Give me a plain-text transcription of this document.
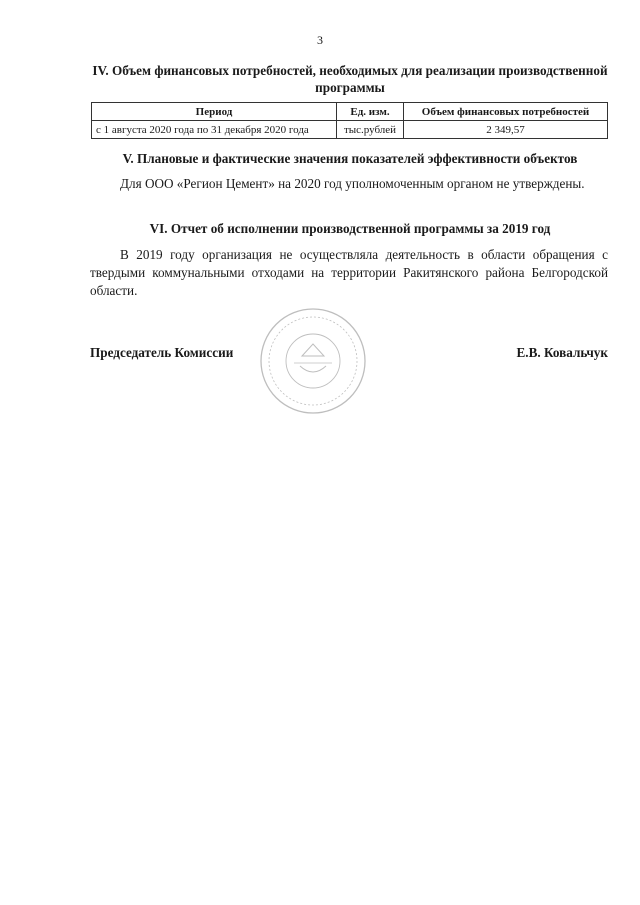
3
IV. Объем финансовых потребностей, необходимых для реализации производственной программы
Период	Ед. изм.	Объем финансовых потребностей
с 1 августа 2020 года по 31 декабря 2020 года	тыс.рублей	2 349,57
V. Плановые и фактические значения показателей эффективности объектов
Для ООО «Регион Цемент» на 2020 год уполномоченным органом не утверждены.
VI. Отчет об исполнении производственной программы за 2019 год
В 2019 году организация не осуществляла деятельность в области обращения с твердыми коммунальными отходами на территории Ракитянского района Белгородской области.
Председатель Комиссии	Е.В. Ковальчук
